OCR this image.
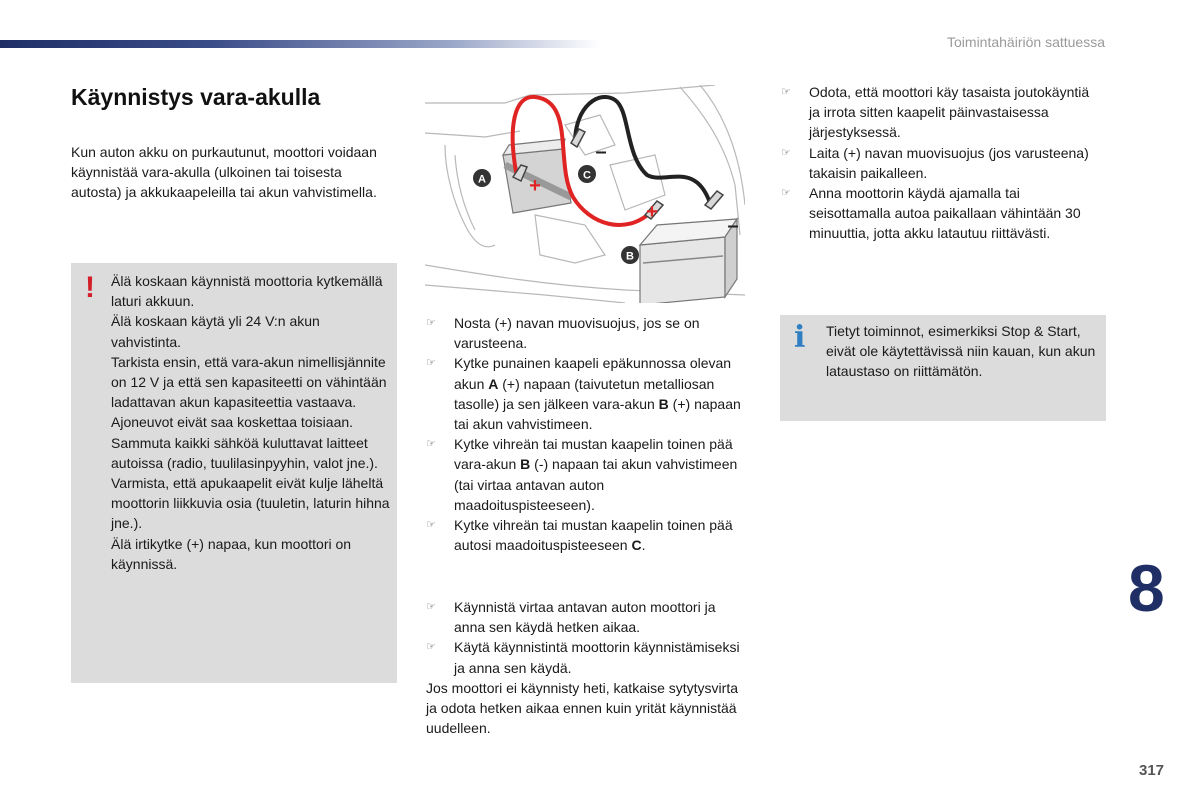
Toimintahäiriön sattuessa
Käynnistys vara-akulla
Kun auton akku on purkautunut, moottori voidaan käynnistää vara-akulla (ulkoinen tai toisesta autosta) ja akkukaapeleilla tai akun vahvistimella.
! Älä koskaan käynnistä moottoria kytkemällä laturi akkuun.

Älä koskaan käytä yli 24 V:n akun vahvistinta.

Tarkista ensin, että vara-akun nimellisjännite on 12 V ja että sen kapasiteetti on vähintään ladattavan akun kapasiteettia vastaava.

Ajoneuvot eivät saa koskettaa toisiaan.

Sammuta kaikki sähköä kuluttavat laitteet autoissa (radio, tuulilasinpyyhin, valot jne.).

Varmista, että apukaapelit eivät kulje läheltä moottorin liikkuvia osia (tuuletin, laturin hihna jne.).

Älä irtikytke (+) napaa, kun moottori on käynnissä.

A
B
C
+
+
–
–
☞ Nosta (+) navan muovisuojus, jos se on varusteena.
☞ Kytke punainen kaapeli epäkunnossa olevan akun A (+) napaan (taivutetun metalliosan tasolle) ja sen jälkeen vara-akun B (+) napaan tai akun vahvistimeen.
☞ Kytke vihreän tai mustan kaapelin toinen pää vara-akun B (-) napaan tai akun vahvistimeen (tai virtaa antavan auton maadoituspisteeseen).
☞ Kytke vihreän tai mustan kaapelin toinen pää autosi maadoituspisteeseen C.
☞ Käynnistä virtaa antavan auton moottori ja anna sen käydä hetken aikaa.
☞ Käytä käynnistintä moottorin käynnistämiseksi ja anna sen käydä.

Jos moottori ei käynnisty heti, katkaise sytytysvirta ja odota hetken aikaa ennen kuin yrität käynnistää uudelleen.

☞ Odota, että moottori käy tasaista joutokäyntiä ja irrota sitten kaapelit päinvastaisessa järjestyksessä.
☞ Laita (+) navan muovisuojus (jos varusteena) takaisin paikalleen.
☞ Anna moottorin käydä ajamalla tai seisottamalla autoa paikallaan vähintään 30 minuuttia, jotta akku latautuu riittävästi.
i Tietyt toiminnot, esimerkiksi Stop & Start, eivät ole käytettävissä niin kauan, kun akun lataustaso on riittämätön.
8
317
